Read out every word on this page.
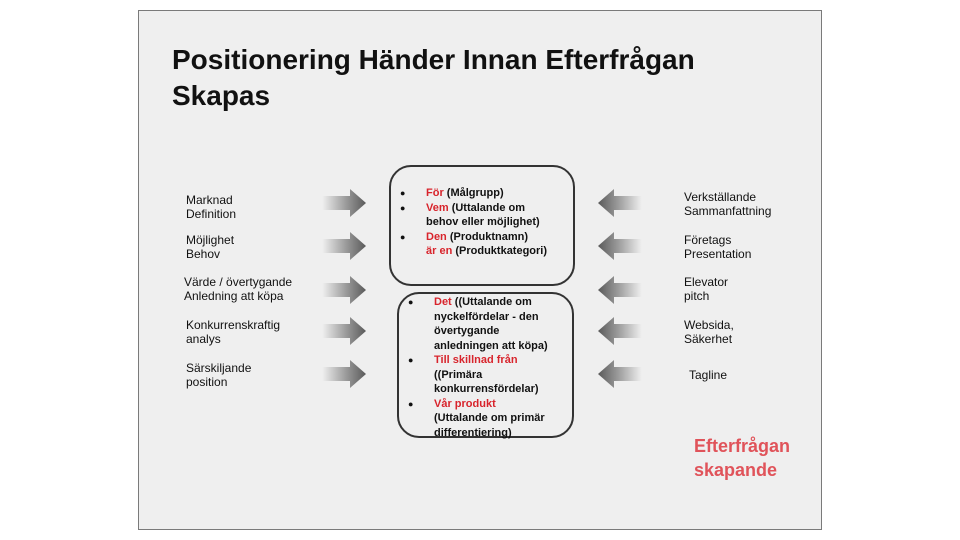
Positionering Händer Innan Efterfrågan Skapas
Marknad
Definition
Möjlighet
Behov
Värde / övertygande
Anledning att köpa
Konkurrenskraftig
analys
Särskiljande
position
Verkställande
Sammanfattning
Företags
Presentation
Elevator
pitch
Websida,
Säkerhet
Tagline
● För (Målgrupp)
● Vem (Uttalande om
behov eller möjlighet)
● Den (Produktnamn)
är en (Produktkategori)
● Det ((Uttalande om
nyckelfördelar - den
övertygande
anledningen att köpa)
● Till skillnad från
((Primära
konkurrensfördelar)
● Vår produkt
(Uttalande om primär
differentiering)
Efterfrågan
skapande
